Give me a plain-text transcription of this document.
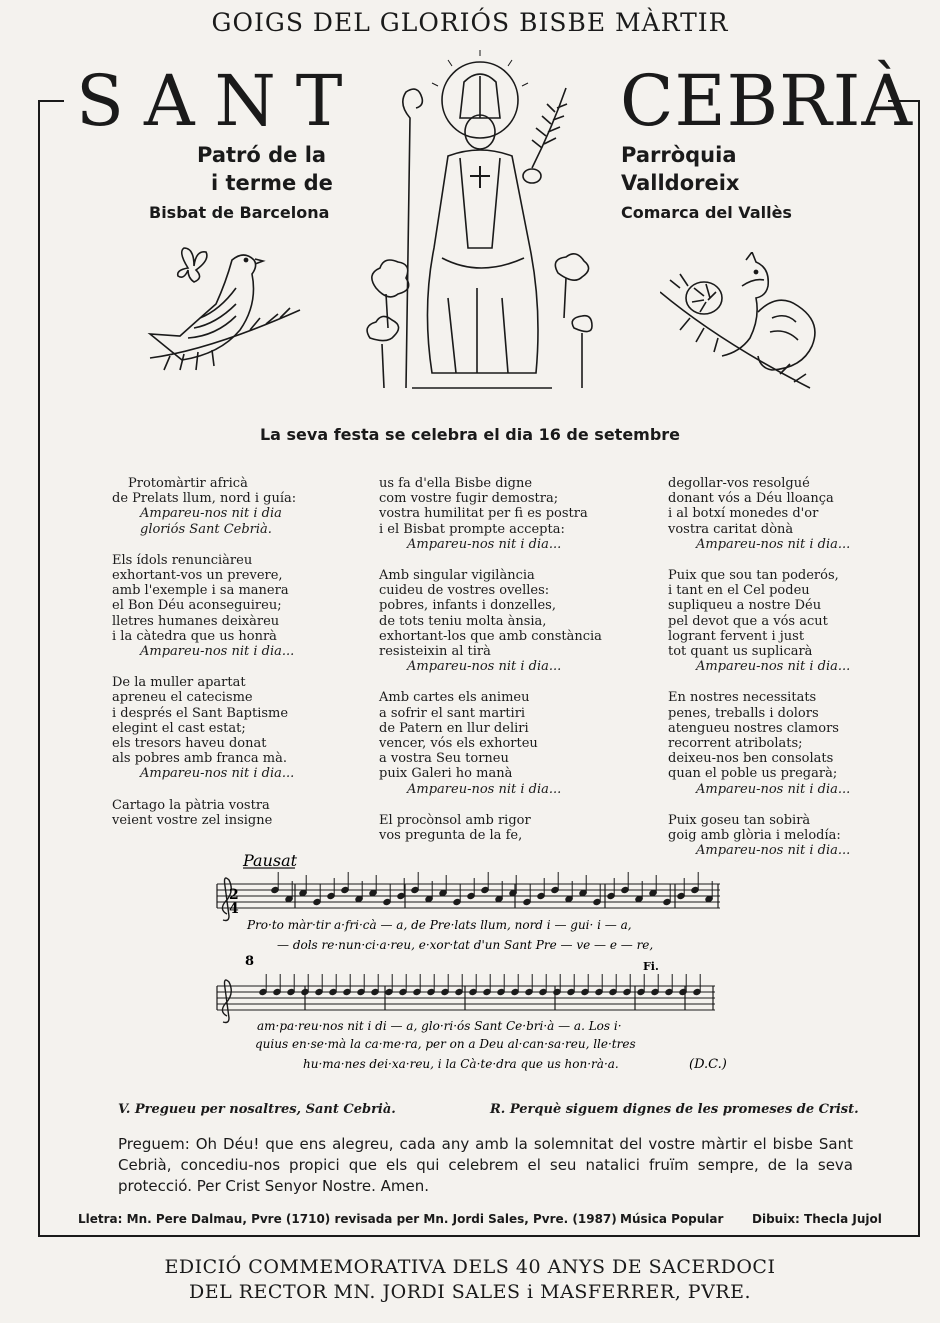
GOIGS DEL GLORIÓS BISBE MÀRTIR
SANT	CEBRIÀ
Patró de la
i terme de
Bisbat de Barcelona
Parròquia
Valldoreix
Comarca del Vallès
La seva festa se celebra el dia 16 de setembre
Protomàrtir africà
de Prelats llum, nord i guía:
Ampareu-nos nit i dia
gloriós Sant Cebrià.
Els ídols renunciàreu
exhortant-vos un prevere,
amb l'exemple i sa manera
el Bon Déu aconseguireu;
lletres humanes deixàreu
i la càtedra que us honrà
Ampareu-nos nit i dia...
De la muller apartat
apreneu el catecisme
i després el Sant Baptisme
elegint el cast estat;
els tresors haveu donat
als pobres amb franca mà.
Ampareu-nos nit i dia...
Cartago la pàtria vostra
veient vostre zel insigne
us fa d'ella Bisbe digne
com vostre fugir demostra;
vostra humilitat per fi es postra
i el Bisbat prompte accepta:
Ampareu-nos nit i dia...
Amb singular vigilància
cuideu de vostres ovelles:
pobres, infants i donzelles,
de tots teniu molta ànsia,
exhortant-los que amb constància
resisteixin al tirà
Ampareu-nos nit i dia...
Amb cartes els animeu
a sofrir el sant martiri
de Patern en llur deliri
vencer, vós els exhorteu
a vostra Seu torneu
puix Galeri ho manà
Ampareu-nos nit i dia...
El procònsol amb rigor
vos pregunta de la fe,
degollar-vos resolgué
donant vós a Déu lloança
i al botxí monedes d'or
vostra caritat dònà
Ampareu-nos nit i dia...
Puix que sou tan poderós,
i tant en el Cel podeu
supliqueu a nostre Déu
pel devot que a vós acut
logrant fervent i just
tot quant us suplicarà
Ampareu-nos nit i dia...
En nostres necessitats
penes, treballs i dolors
atengueu nostres clamors
recorrent atribolats;
deixeu-nos ben consolats
quan el poble us pregarà;
Ampareu-nos nit i dia...
Puix goseu tan sobirà
goig amb glòria i melodía:
Ampareu-nos nit i dia...
Pausat
2
4
Pro·to màr·tir a·fri·cà — a, de Pre·lats llum, nord i — gui· i — a,
— dols re·nun·ci·a·reu, e·xor·tat d'un Sant Pre — ve — e — re,
8	Fi.
am·pa·reu·nos nit i di — a, glo·ri·ós Sant Ce·bri·à — a. Los i·
quius en·se·mà la ca·me·ra, per on a Deu al·can·sa·reu, lle·tres
hu·ma·nes dei·xa·reu, i la Cà·te·dra que us hon·rà·a.	(D.C.)
V. Pregueu per nosaltres, Sant Cebrià.	R. Perquè siguem dignes de les promeses de Crist.
Preguem: Oh Déu! que ens alegreu, cada any amb la solemnitat del vostre màrtir el bisbe Sant Cebrià, concediu-nos propici que els qui celebrem el seu natalici fruïm sempre, de la seva protecció. Per Crist Senyor Nostre. Amen.
Lletra: Mn. Pere Dalmau, Pvre (1710) revisada per Mn. Jordi Sales, Pvre. (1987) Música Popular Dibuix: Thecla Jujol
EDICIÓ COMMEMORATIVA DELS 40 ANYS DE SACERDOCI
DEL RECTOR MN. JORDI SALES i MASFERRER, PVRE.
